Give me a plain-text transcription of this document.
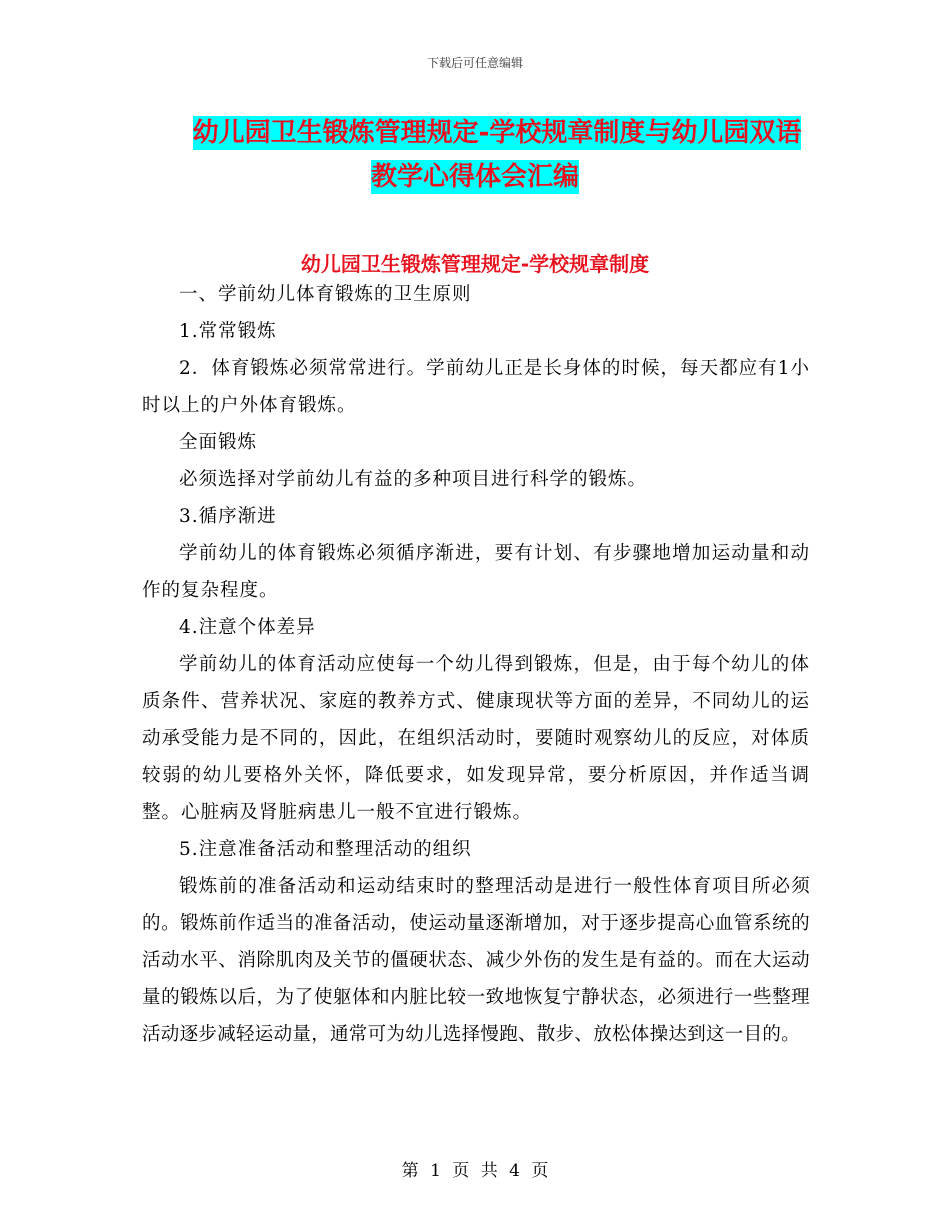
下载后可任意编辑
幼儿园卫生锻炼管理规定-学校规章制度与幼儿园双语
教学心得体会汇编
幼儿园卫生锻炼管理规定-学校规章制度

一、学前幼儿体育锻炼的卫生原则

1.常常锻炼

2．体育锻炼必须常常进行。学前幼儿正是长身体的时候，每天都应有1小时以上的户外体育锻炼。

全面锻炼

必须选择对学前幼儿有益的多种项目进行科学的锻炼。

3.循序渐进

学前幼儿的体育锻炼必须循序渐进，要有计划、有步骤地增加运动量和动作的复杂程度。

4.注意个体差异

学前幼儿的体育活动应使每一个幼儿得到锻炼，但是，由于每个幼儿的体质条件、营养状况、家庭的教养方式、健康现状等方面的差异，不同幼儿的运动承受能力是不同的，因此，在组织活动时，要随时观察幼儿的反应，对体质较弱的幼儿要格外关怀，降低要求，如发现异常，要分析原因，并作适当调整。心脏病及肾脏病患儿一般不宜进行锻炼。

5.注意准备活动和整理活动的组织

锻炼前的准备活动和运动结束时的整理活动是进行一般性体育项目所必须的。锻炼前作适当的准备活动，使运动量逐渐增加，对于逐步提高心血管系统的活动水平、消除肌肉及关节的僵硬状态、减少外伤的发生是有益的。而在大运动量的锻炼以后，为了使躯体和内脏比较一致地恢复宁静状态，必须进行一些整理活动逐步减轻运动量，通常可为幼儿选择慢跑、散步、放松体操达到这一目的。

第 1 页 共 4 页
